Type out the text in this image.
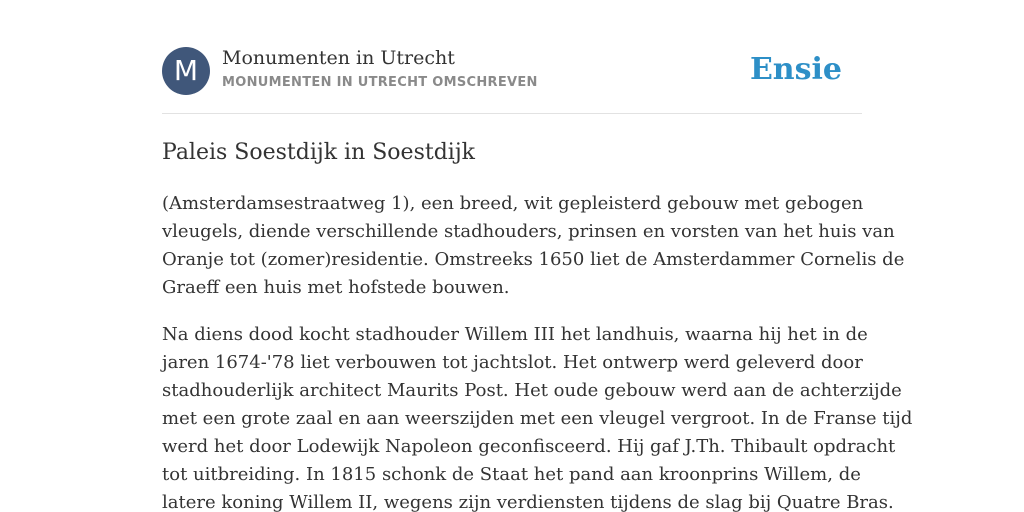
M	Monumenten in Utrecht
MONUMENTEN IN UTRECHT OMSCHREVEN	Ensie
Paleis Soestdijk in Soestdijk

(Amsterdamsestraatweg 1), een breed, wit gepleisterd gebouw met gebogen
vleugels, diende verschillende stadhouders, prinsen en vorsten van het huis van
Oranje tot (zomer)residentie. Omstreeks 1650 liet de Amsterdammer Cornelis de
Graeff een huis met hofstede bouwen.

Na diens dood kocht stadhouder Willem III het landhuis, waarna hij het in de
jaren 1674-'78 liet verbouwen tot jachtslot. Het ontwerp werd geleverd door
stadhouderlijk architect Maurits Post. Het oude gebouw werd aan de achterzijde
met een grote zaal en aan weerszijden met een vleugel vergroot. In de Franse tijd
werd het door Lodewijk Napoleon geconfisceerd. Hij gaf J.Th. Thibault opdracht
tot uitbreiding. In 1815 schonk de Staat het pand aan kroonprins Willem, de
latere koning Willem II, wegens zijn verdiensten tijdens de slag bij Quatre Bras.
